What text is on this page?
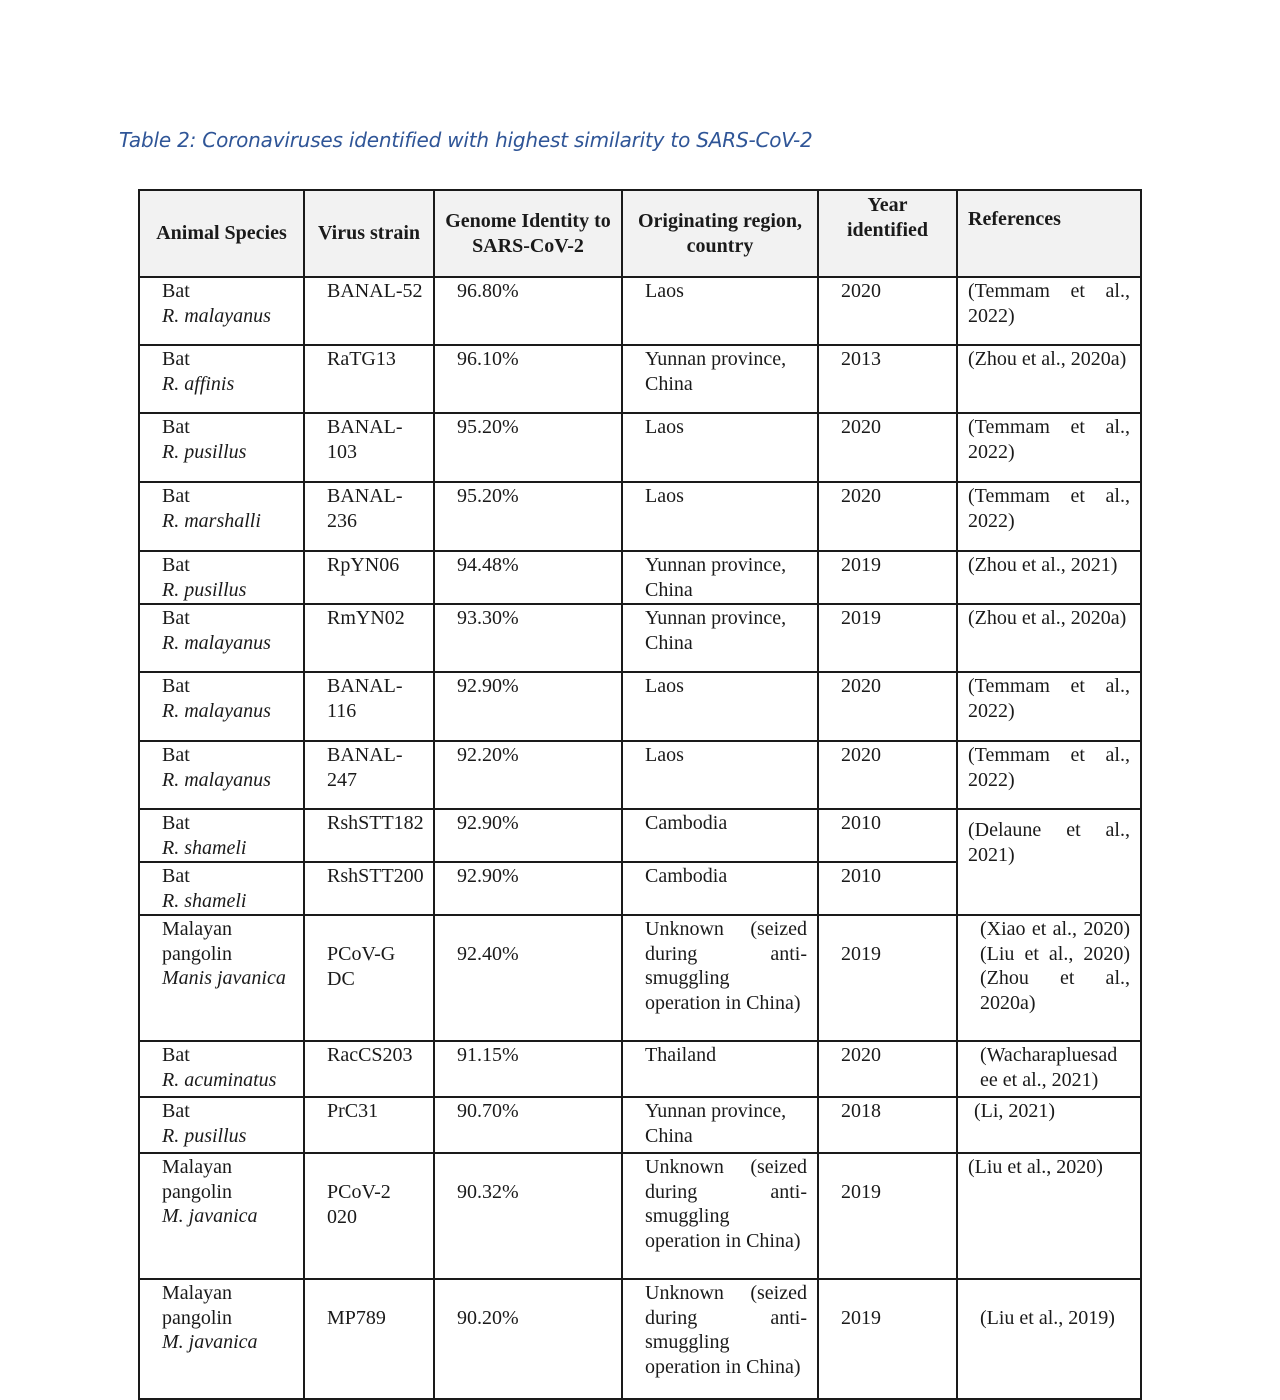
Table 2: Coronaviruses identified with highest similarity to SARS-CoV-2
Animal Species	Virus strain	Genome Identity to SARS-CoV-2	Originating region, country	Year identified	References
Bat
R. malayanus	BANAL-52	96.80%	Laos	2020	(Temmam et al., 2022)
Bat
R. affinis	RaTG13	96.10%	Yunnan province, China	2013	(Zhou et al., 2020a)
Bat
R. pusillus	BANAL-103	95.20%	Laos	2020	(Temmam et al., 2022)
Bat
R. marshalli	BANAL-236	95.20%	Laos	2020	(Temmam et al., 2022)
Bat
R. pusillus	RpYN06	94.48%	Yunnan province, China	2019	(Zhou et al., 2021)
Bat
R. malayanus	RmYN02	93.30%	Yunnan province, China	2019	(Zhou et al., 2020a)
Bat
R. malayanus	BANAL-116	92.90%	Laos	2020	(Temmam et al., 2022)
Bat
R. malayanus	BANAL-247	92.20%	Laos	2020	(Temmam et al., 2022)
Bat
R. shameli	RshSTT182	92.90%	Cambodia	2010	(Delaune et al., 2021)
Bat
R. shameli	RshSTT200	92.90%	Cambodia	2010	
Malayan pangolin
Manis javanica	PCoV-GDC	92.40%	Unknown (seized during anti-smuggling operation in China)	2019	(Xiao et al., 2020) (Liu et al., 2020) (Zhou et al., 2020a)
Bat
R. acuminatus	RacCS203	91.15%	Thailand	2020	(Wacharapluesadee et al., 2021)

Bat
R. pusillus	PrC31	90.70%	Yunnan province, China	2018	(Li, 2021)
Malayan pangolin
M. javanica	PCoV-2020	90.32%	Unknown (seized during anti-smuggling operation in China)	2019	(Liu et al., 2020)
Malayan pangolin
M. javanica	MP789	90.20%	Unknown (seized during anti-smuggling operation in China)	2019	(Liu et al., 2019)
